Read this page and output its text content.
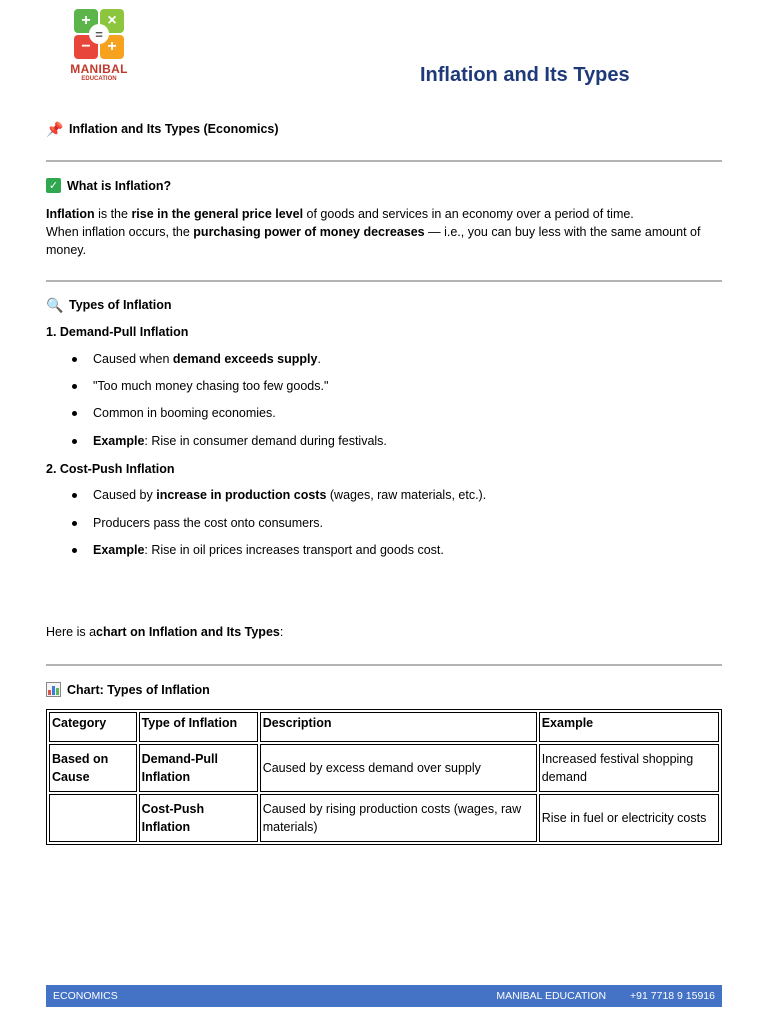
+	×
−	+
=
MANIBAL
EDUCATION	Inflation and Its Types
📌 Inflation and Its Types (Economics)
✓ What is Inflation?
Inflation is the rise in the general price level of goods and services in an economy over a period of time.
When inflation occurs, the purchasing power of money decreases — i.e., you can buy less with the same amount of money.
🔍 Types of Inflation
1. Demand-Pull Inflation
Caused when demand exceeds supply.
"Too much money chasing too few goods."
Common in booming economies.
Example: Rise in consumer demand during festivals.
2. Cost-Push Inflation
Caused by increase in production costs (wages, raw materials, etc.).
Producers pass the cost onto consumers.
Example: Rise in oil prices increases transport and goods cost.
Here is a chart on Inflation and Its Types :
Chart: Types of Inflation
Category	Type of Inflation	Description	Example
Based on Cause	Demand-Pull Inflation	Caused by excess demand over supply	Increased festival shopping demand
	Cost-Push Inflation	Caused by rising production costs (wages, raw materials)	Rise in fuel or electricity costs
ECONOMICS	MANIBAL EDUCATION +91 7718 9 15916
